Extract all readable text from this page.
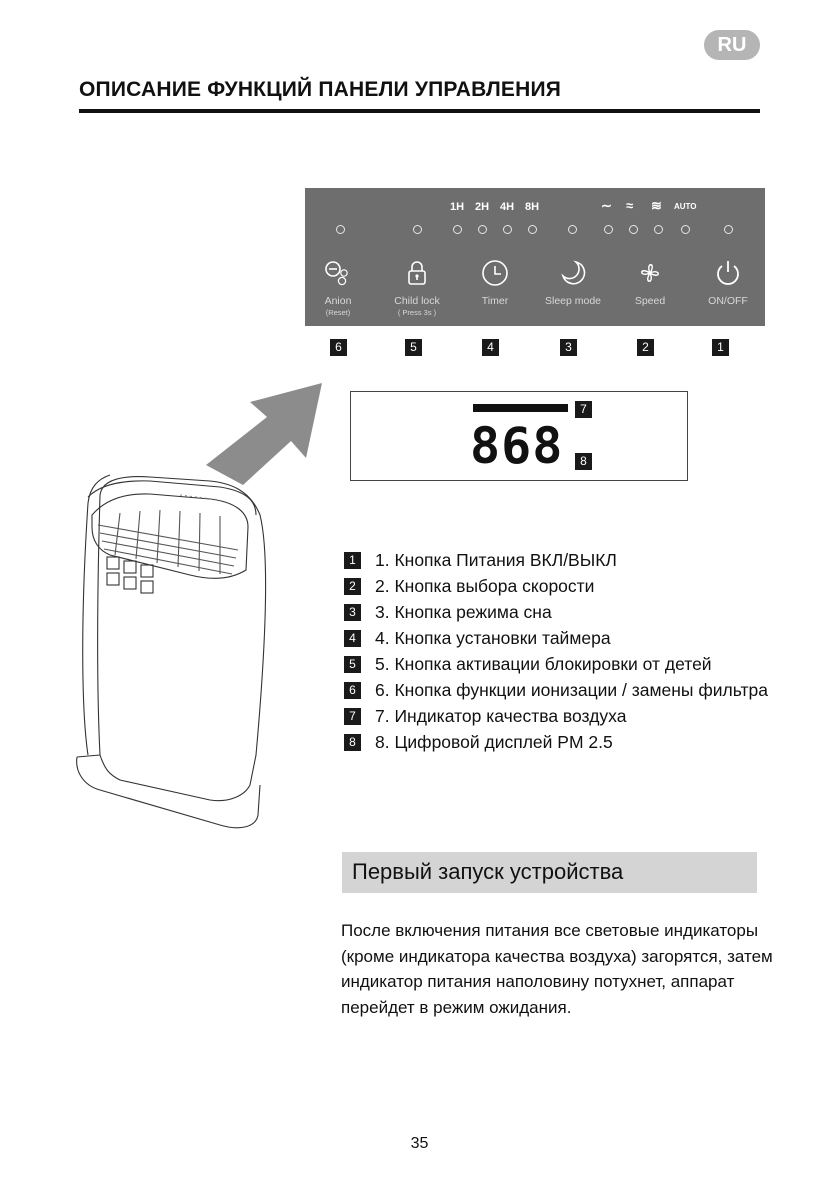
RU
ОПИСАНИЕ ФУНКЦИЙ ПАНЕЛИ УПРАВЛЕНИЯ
1H 2H 4H 8H	∼ ≈ ≋ AUTO
Anion
(Reset)
Child lock
( Press 3s )
Timer	Sleep mode	Speed	ON/OFF
6	5	4	3	2	1
868
7
8
1 1. Кнопка Питания ВКЛ/ВЫКЛ
2 2. Кнопка выбора скорости
3 3. Кнопка режима сна
4 4. Кнопка установки таймера
5 5. Кнопка активации блокировки от детей
6 6. Кнопка функции ионизации / замены фильтра
7 7. Индикатор качества воздуха
8 8. Цифровой дисплей PM 2.5
Первый запуск устройства
После включения питания все световые индикаторы (кроме индикатора качества воздуха) загорятся, затем индикатор питания наполовину потухнет, аппарат перейдет в режим ожидания.
35
